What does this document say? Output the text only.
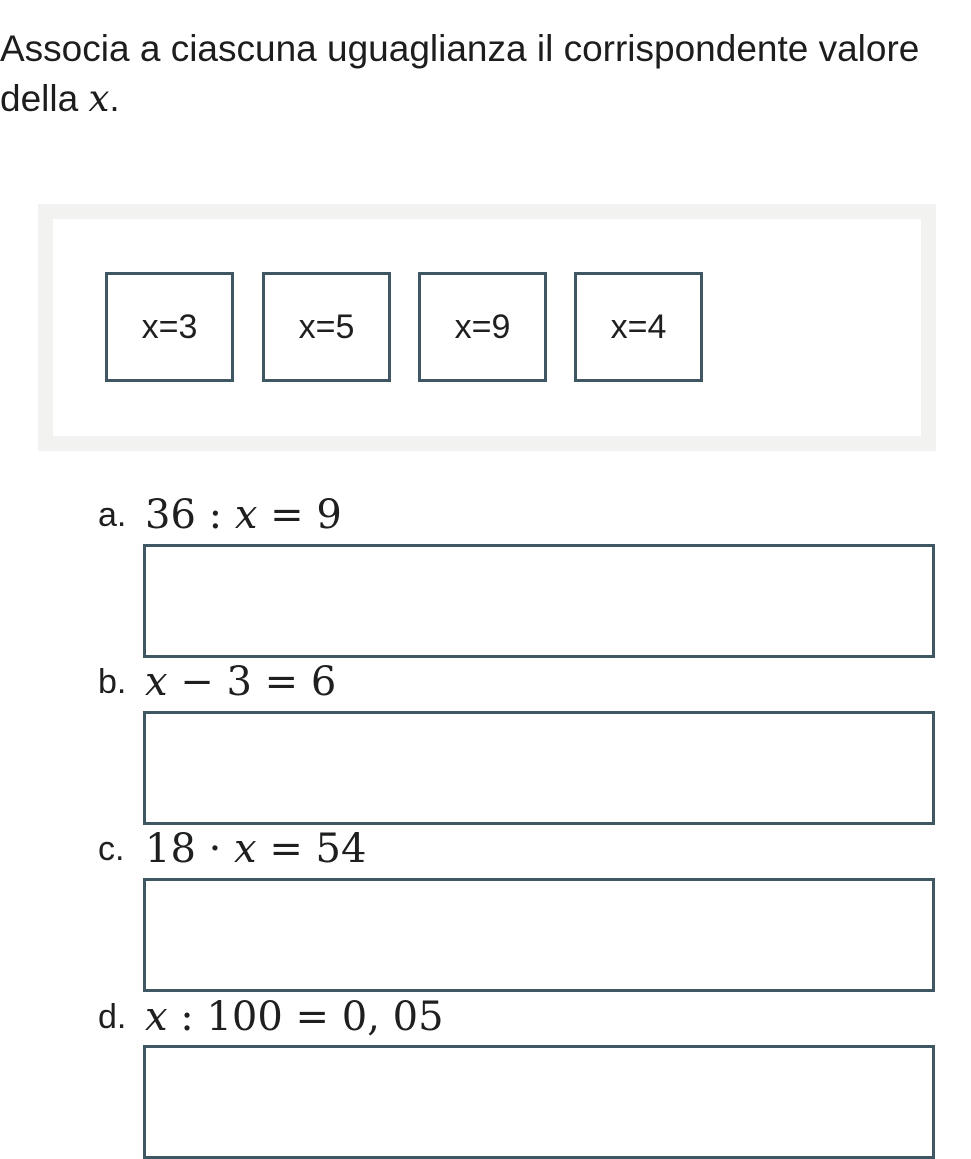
Associa a ciascuna uguaglianza il corrispondente valore della x.
x=3	x=5	x=9	x=4
a. 36 : x = 9
b. x − 3 = 6
c. 18 · x = 54
d. x : 100 = 0, 05
